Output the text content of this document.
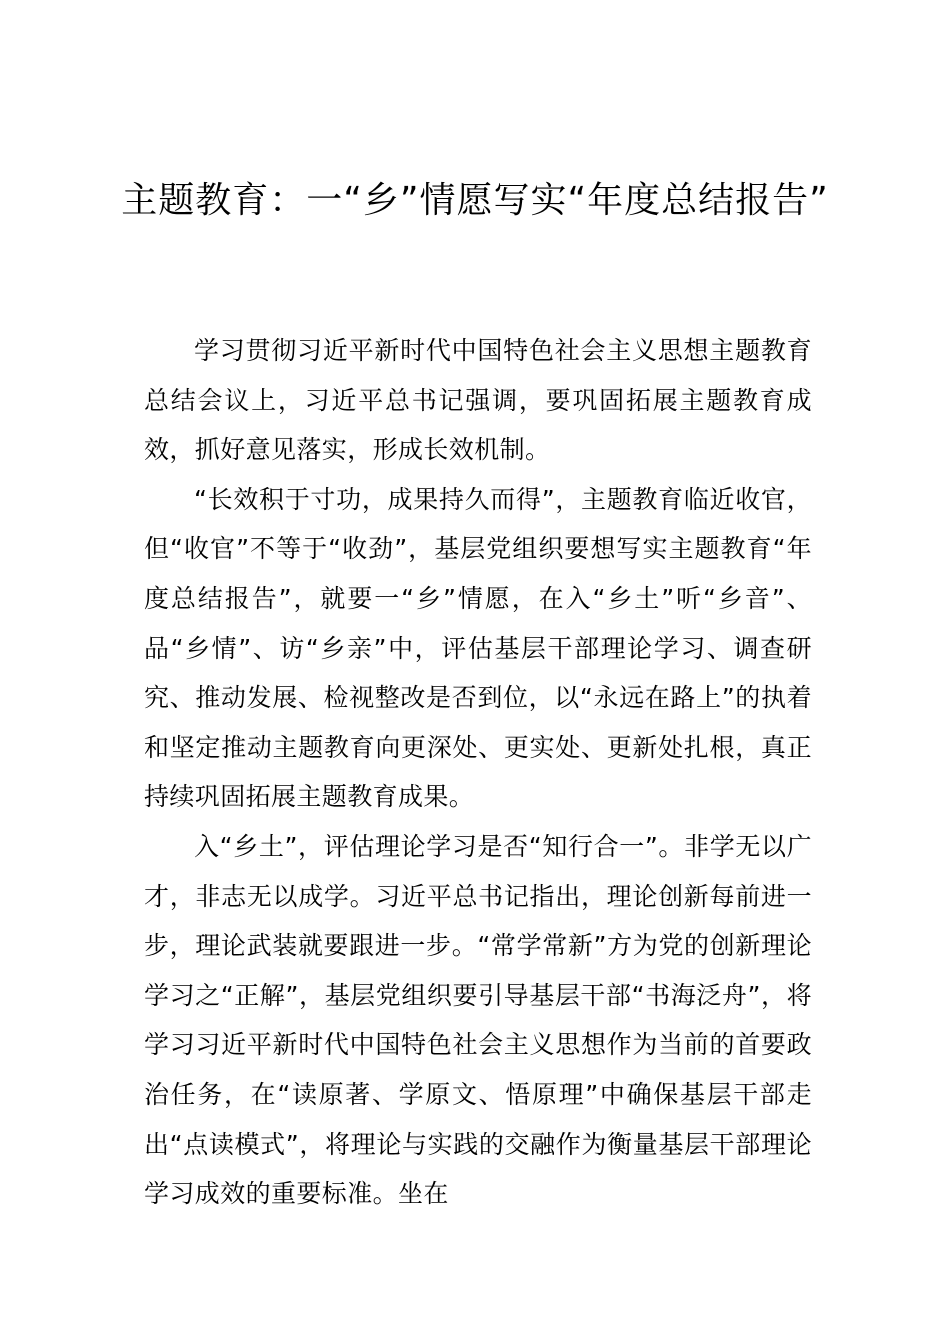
主题教育：一“乡”情愿写实“年度总结报告”

学习贯彻习近平新时代中国特色社会主义思想主题教育总结会议上，习近平总书记强调，要巩固拓展主题教育成效，抓好意见落实，形成长效机制。

“长效积于寸功，成果持久而得”，主题教育临近收官，但“收官”不等于“收劲”，基层党组织要想写实主题教育“年度总结报告”，就要一“乡”情愿，在入“乡土”听“乡音”、品“乡情”、访“乡亲”中，评估基层干部理论学习、调查研究、推动发展、检视整改是否到位，以“永远在路上”的执着和坚定推动主题教育向更深处、更实处、更新处扎根，真正持续巩固拓展主题教育成果。

入“乡土”，评估理论学习是否“知行合一”。非学无以广才，非志无以成学。习近平总书记指出，理论创新每前进一步，理论武装就要跟进一步。“常学常新”方为党的创新理论学习之“正解”，基层党组织要引导基层干部“书海泛舟”，将学习习近平新时代中国特色社会主义思想作为当前的首要政治任务，在“读原著、学原文、悟原理”中确保基层干部走出“点读模式”，将理论与实践的交融作为衡量基层干部理论学习成效的重要标准。坐在
